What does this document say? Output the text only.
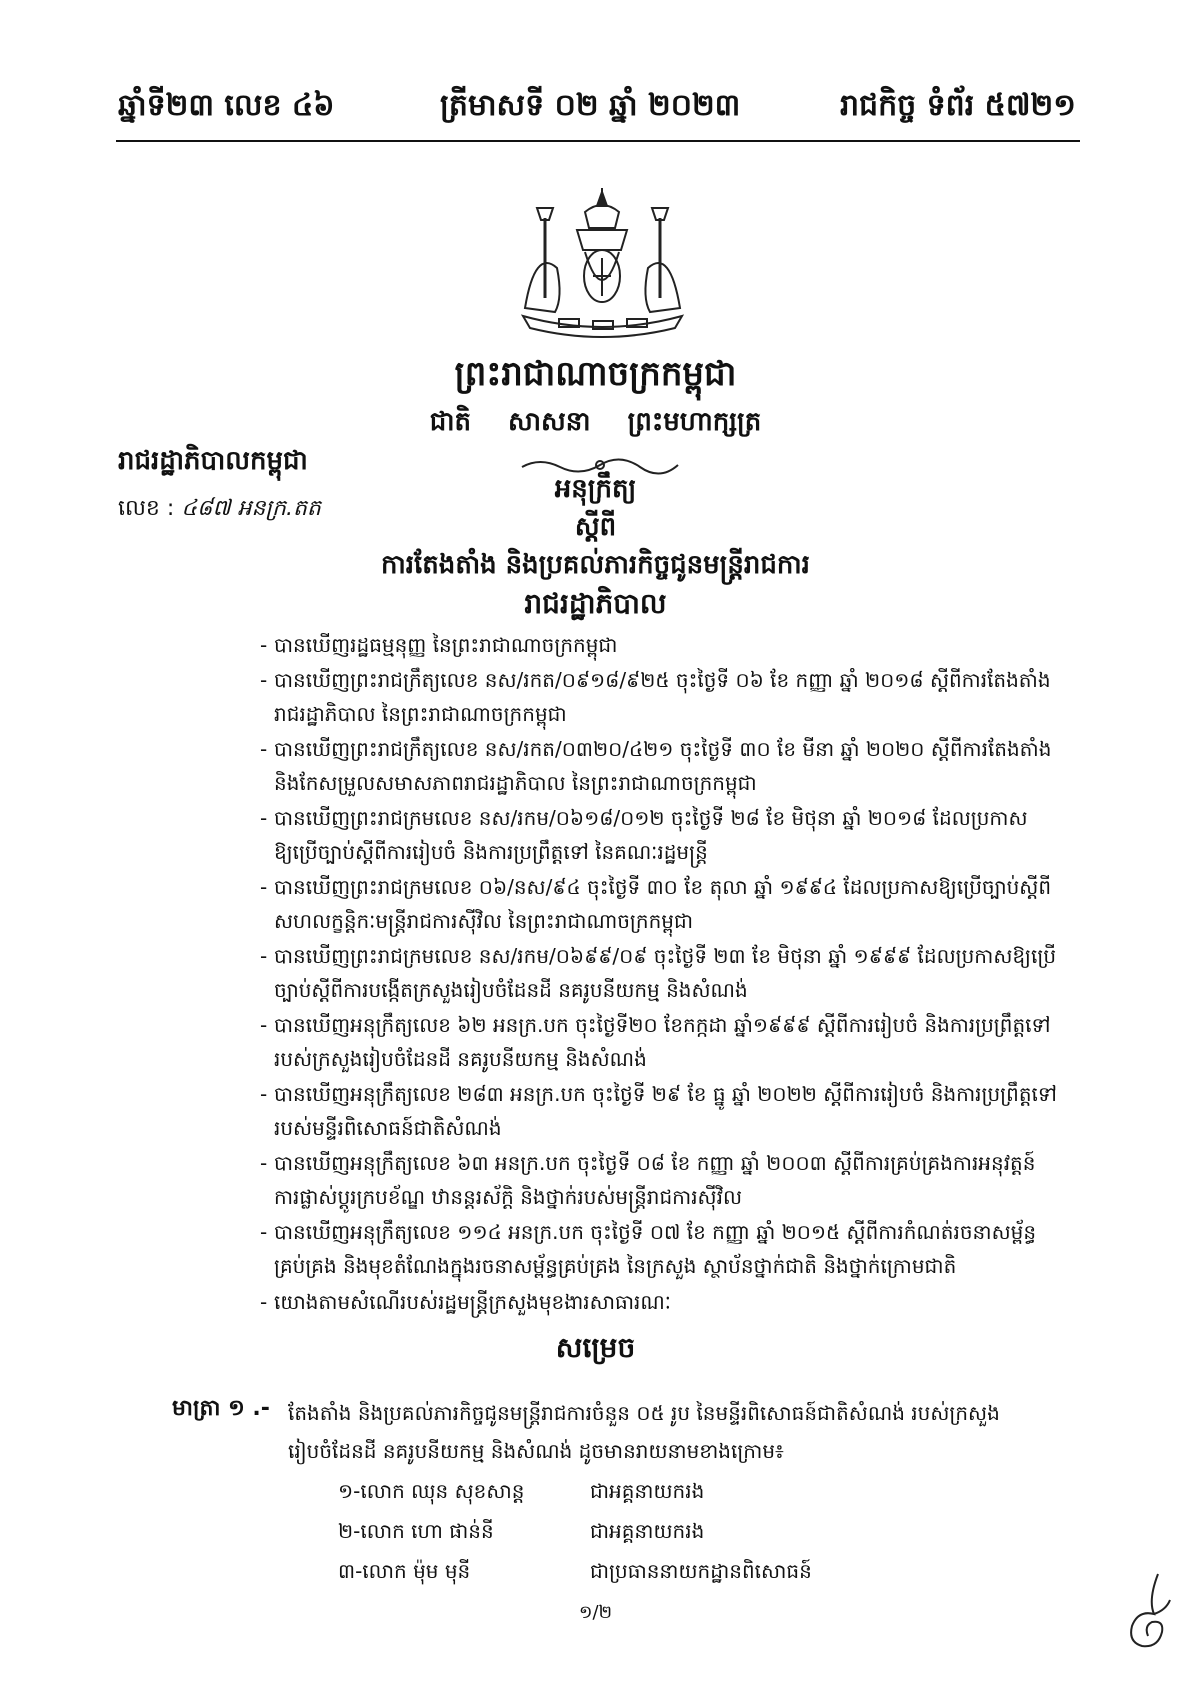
ឆ្នាំទី២៣ លេខ ៤៦	ត្រីមាសទី ០២ ឆ្នាំ ២០២៣	រាជកិច្ច ទំព័រ ៥៧២១
ព្រះរាជាណាចក្រកម្ពុជា
ជាតិ សាសនា ព្រះមហាក្សត្រ
រាជរដ្ឋាភិបាលកម្ពុជា
លេខ : ៤៨៧ អនក្រ.តត
អនុក្រឹត្យ
ស្តីពី
ការតែងតាំង និងប្រគល់ភារកិច្ចជូនមន្ត្រីរាជការ
រាជរដ្ឋាភិបាល
- បានឃើញរដ្ឋធម្មនុញ្ញ នៃព្រះរាជាណាចក្រកម្ពុជា
- បានឃើញព្រះរាជក្រឹត្យលេខ នស/រកត/០៩១៨/៩២៥ ចុះថ្ងៃទី ០៦ ខែ កញ្ញា ឆ្នាំ ២០១៨ ស្តីពីការតែងតាំង
រាជរដ្ឋាភិបាល នៃព្រះរាជាណាចក្រកម្ពុជា
- បានឃើញព្រះរាជក្រឹត្យលេខ នស/រកត/០៣២០/៤២១ ចុះថ្ងៃទី ៣០ ខែ មីនា ឆ្នាំ ២០២០ ស្តីពីការតែងតាំង
និងកែសម្រួលសមាសភាពរាជរដ្ឋាភិបាល នៃព្រះរាជាណាចក្រកម្ពុជា
- បានឃើញព្រះរាជក្រមលេខ នស/រកម/០៦១៨/០១២ ចុះថ្ងៃទី ២៨ ខែ មិថុនា ឆ្នាំ ២០១៨ ដែលប្រកាស
ឱ្យប្រើច្បាប់ស្តីពីការរៀបចំ និងការប្រព្រឹត្តទៅ នៃគណៈរដ្ឋមន្ត្រី
- បានឃើញព្រះរាជក្រមលេខ ០៦/នស/៩៤ ចុះថ្ងៃទី ៣០ ខែ តុលា ឆ្នាំ ១៩៩៤ ដែលប្រកាសឱ្យប្រើច្បាប់ស្តីពី
សហលក្ខន្តិកៈមន្ត្រីរាជការស៊ីវិល នៃព្រះរាជាណាចក្រកម្ពុជា
- បានឃើញព្រះរាជក្រមលេខ នស/រកម/០៦៩៩/០៩ ចុះថ្ងៃទី ២៣ ខែ មិថុនា ឆ្នាំ ១៩៩៩ ដែលប្រកាសឱ្យប្រើ
ច្បាប់ស្តីពីការបង្កើតក្រសួងរៀបចំដែនដី នគរូបនីយកម្ម និងសំណង់
- បានឃើញអនុក្រឹត្យលេខ ៦២ អនក្រ.បក ចុះថ្ងៃទី២០ ខែកក្កដា ឆ្នាំ១៩៩៩ ស្តីពីការរៀបចំ និងការប្រព្រឹត្តទៅ
របស់ក្រសួងរៀបចំដែនដី នគរូបនីយកម្ម និងសំណង់
- បានឃើញអនុក្រឹត្យលេខ ២៨៣ អនក្រ.បក ចុះថ្ងៃទី ២៩ ខែ ធ្នូ ឆ្នាំ ២០២២ ស្តីពីការរៀបចំ និងការប្រព្រឹត្តទៅ
របស់មន្ទីរពិសោធន៍ជាតិសំណង់
- បានឃើញអនុក្រឹត្យលេខ ៦៣ អនក្រ.បក ចុះថ្ងៃទី ០៨ ខែ កញ្ញា ឆ្នាំ ២០០៣ ស្តីពីការគ្រប់គ្រងការអនុវត្តន៍
ការផ្លាស់ប្តូរក្របខ័ណ្ឌ ឋានន្តរស័ក្តិ និងថ្នាក់របស់មន្ត្រីរាជការស៊ីវិល
- បានឃើញអនុក្រឹត្យលេខ ១១៤ អនក្រ.បក ចុះថ្ងៃទី ០៧ ខែ កញ្ញា ឆ្នាំ ២០១៥ ស្តីពីការកំណត់រចនាសម្ព័ន្ធ
គ្រប់គ្រង និងមុខតំណែងក្នុងរចនាសម្ព័ន្ធគ្រប់គ្រង នៃក្រសួង ស្ថាប័នថ្នាក់ជាតិ និងថ្នាក់ក្រោមជាតិ
សម្រេច
មាត្រា ១ .- តែងតាំង និងប្រគល់ភារកិច្ចជូនមន្ត្រីរាជការចំនួន ០៥ រូប នៃមន្ទីរពិសោធន៍ជាតិសំណង់ របស់ក្រសួង
រៀបចំដែនដី នគរូបនីយកម្ម និងសំណង់ ដូចមានរាយនាមខាងក្រោម៖
១-លោក ឈុន សុខសាន្ត	ជាអគ្គនាយករង
២-លោក ហោ ផាន់នី	ជាអគ្គនាយករង
៣-លោក ម៉ុម មុនី	ជាប្រធាននាយកដ្ឋានពិសោធន៍
១/២
- យោងតាមសំណើរបស់រដ្ឋមន្ត្រីក្រសួងមុខងារសាធារណៈ
